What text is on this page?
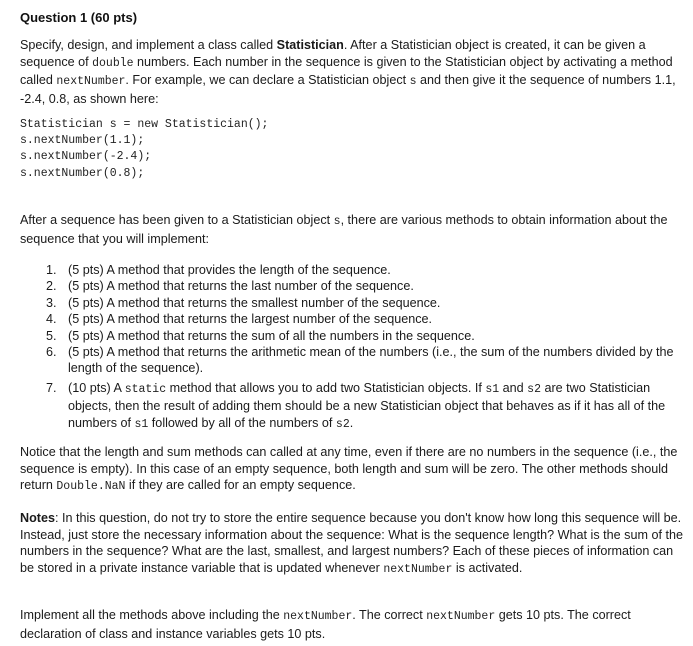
Question 1 (60 pts)
Specify, design, and implement a class called Statistician. After a Statistician object is created, it can be given a sequence of double numbers. Each number in the sequence is given to the Statistician object by activating a method called nextNumber. For example, we can declare a Statistician object s and then give it the sequence of numbers 1.1, -2.4, 0.8, as shown here:
Statistician s = new Statistician();
s.nextNumber(1.1);
s.nextNumber(-2.4);
s.nextNumber(0.8);
After a sequence has been given to a Statistician object s, there are various methods to obtain information about the sequence that you will implement:
1. (5 pts) A method that provides the length of the sequence.
2. (5 pts) A method that returns the last number of the sequence.
3. (5 pts) A method that returns the smallest number of the sequence.
4. (5 pts) A method that returns the largest number of the sequence.
5. (5 pts) A method that returns the sum of all the numbers in the sequence.
6. (5 pts) A method that returns the arithmetic mean of the numbers (i.e., the sum of the numbers divided by the length of the sequence).
7. (10 pts) A static method that allows you to add two Statistician objects. If s1 and s2 are two Statistician objects, then the result of adding them should be a new Statistician object that behaves as if it has all of the numbers of s1 followed by all of the numbers of s2.
Notice that the length and sum methods can called at any time, even if there are no numbers in the sequence (i.e., the sequence is empty). In this case of an empty sequence, both length and sum will be zero. The other methods should return Double.NaN if they are called for an empty sequence.
Notes: In this question, do not try to store the entire sequence because you don't know how long this sequence will be. Instead, just store the necessary information about the sequence: What is the sequence length? What is the sum of the numbers in the sequence? What are the last, smallest, and largest numbers? Each of these pieces of information can be stored in a private instance variable that is updated whenever nextNumber is activated.
Implement all the methods above including the nextNumber. The correct nextNumber gets 10 pts. The correct declaration of class and instance variables gets 10 pts.
